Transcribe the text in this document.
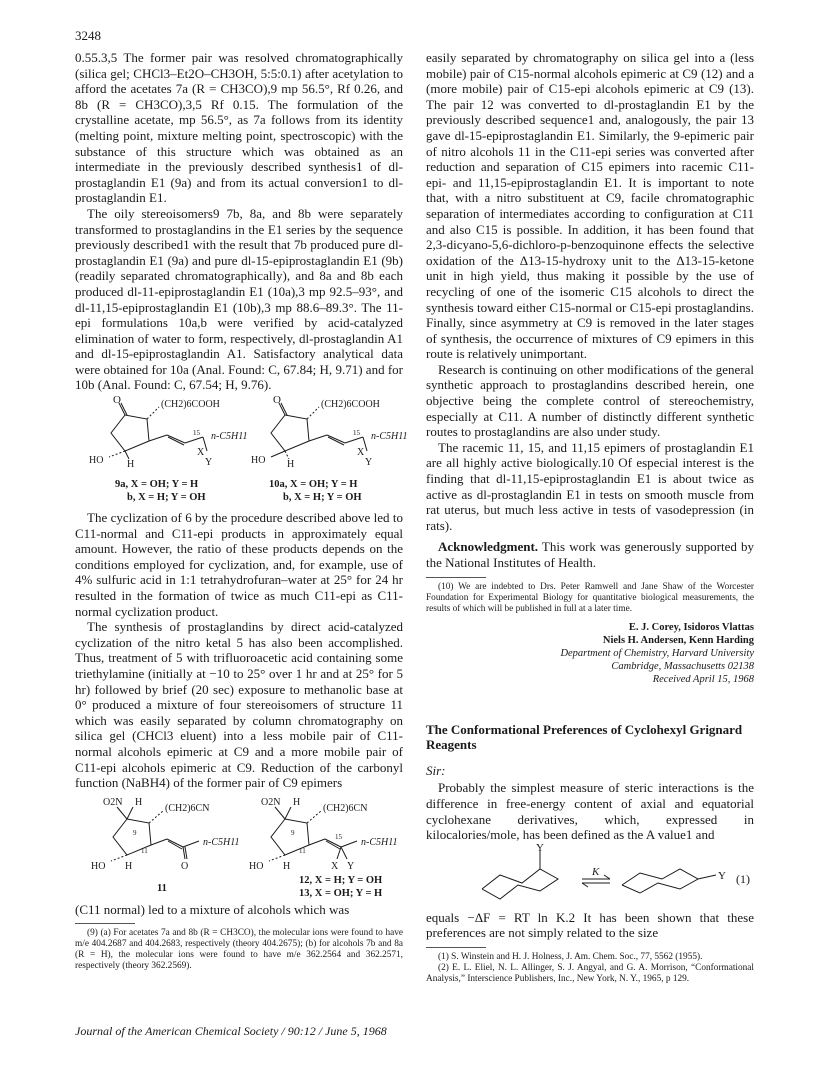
3248

0.55.3,5 The former pair was resolved chromatographically (silica gel; CHCl3–Et2O–CH3OH, 5:5:0.1) after acetylation to afford the acetates 7a (R = CH3CO),9 mp 56.5°, Rf 0.26, and 8b (R = CH3CO),3,5 Rf 0.15. The formulation of the crystalline acetate, mp 56.5°, as 7a follows from its identity (melting point, mixture melting point, spectroscopic) with the substance of this structure which was obtained as an intermediate in the previously described synthesis1 of dl-prostaglandin E1 (9a) and from its actual conversion1 to dl-prostaglandin E1.

The oily stereoisomers9 7b, 8a, and 8b were separately transformed to prostaglandins in the E1 series by the sequence previously described1 with the result that 7b produced pure dl-prostaglandin E1 (9a) and pure dl-15-epiprostaglandin E1 (9b) (readily separated chromatographically), and 8a and 8b each produced dl-11-epiprostaglandin E1 (10a),3 mp 92.5–93°, and dl-11,15-epiprostaglandin E1 (10b),3 mp 88.6–89.3°. The 11-epi formulations 10a,b were verified by acid-catalyzed elimination of water to form, respectively, dl-prostaglandin A1 and dl-15-epiprostaglandin A1. Satisfactory analytical data were obtained for 10a (Anal. Found: C, 67.84; H, 9.71) and for 10b (Anal. Found: C, 67.54; H, 9.76).

O	(CH2)6COOH
15 n-C5H11
HO H
X
Y
O	(CH2)6COOH
15 n-C5H11
HO H
X
Y
9a, X = OH; Y = H
b, X = H; Y = OH
10a, X = OH; Y = H
b, X = H; Y = OH

The cyclization of 6 by the procedure described above led to C11-normal and C11-epi products in approximately equal amount. However, the ratio of these products depends on the conditions employed for cyclization, and, for example, use of 4% sulfuric acid in 1:1 tetrahydrofuran–water at 25° for 24 hr resulted in the formation of twice as much C11-epi as C11-normal cyclization product.

The synthesis of prostaglandins by direct acid-catalyzed cyclization of the nitro ketal 5 has also been accomplished. Thus, treatment of 5 with trifluoroacetic acid containing some triethylamine (initially at −10 to 25° over 1 hr and at 25° for 5 hr) followed by brief (20 sec) exposure to methanolic base at 0° produced a mixture of four stereoisomers of structure 11 which was easily separated by column chromatography on silica gel (CHCl3 eluent) into a less mobile pair of C11-normal alcohols epimeric at C9 and a more mobile pair of C11-epi alcohols epimeric at C9. Reduction of the carbonyl function (NaBH4) of the former pair of C9 epimers

O2N H
(CH2)6CN
9
11
n-C5H11
HO H	O
11
O2N H
(CH2)6CN
9
11
15 n-C5H11
HO H	X Y
12, X = H; Y = OH
13, X = OH; Y = H

(C11 normal) led to a mixture of alcohols which was

(9) (a) For acetates 7a and 8b (R = CH3CO), the molecular ions were found to have m/e 404.2687 and 404.2683, respectively (theory 404.2675); (b) for alcohols 7b and 8a (R = H), the molecular ions were found to have m/e 362.2564 and 362.2571, respectively (theory 362.2569).

easily separated by chromatography on silica gel into a (less mobile) pair of C15-normal alcohols epimeric at C9 (12) and a (more mobile) pair of C15-epi alcohols epimeric at C9 (13). The pair 12 was converted to dl-prostaglandin E1 by the previously described sequence1 and, analogously, the pair 13 gave dl-15-epiprostaglandin E1. Similarly, the 9-epimeric pair of nitro alcohols 11 in the C11-epi series was converted after reduction and separation of C15 epimers into racemic C11-epi- and 11,15-epiprostaglandin E1. It is important to note that, with a nitro substituent at C9, facile chromatographic separation of intermediates according to configuration at C11 and also C15 is possible. In addition, it has been found that 2,3-dicyano-5,6-dichloro-p-benzoquinone effects the selective oxidation of the Δ13-15-hydroxy unit to the Δ13-15-ketone unit in high yield, thus making it possible by the use of recycling of one of the isomeric C15 alcohols to direct the synthesis toward either C15-normal or C15-epi prostaglandins. Finally, since asymmetry at C9 is removed in the later stages of synthesis, the occurrence of mixtures of C9 epimers in this route is relatively unimportant.

Research is continuing on other modifications of the general synthetic approach to prostaglandins described herein, one objective being the complete control of stereochemistry, especially at C11. A number of distinctly different synthetic routes to prostaglandins are also under study.

The racemic 11, 15, and 11,15 epimers of prostaglandin E1 are all highly active biologically.10 Of especial interest is the finding that dl-11,15-epiprostaglandin E1 is about twice as active as dl-prostaglandin E1 in tests on smooth muscle from rat uterus, but much less active in tests of vasodepression (in rats).

Acknowledgment. This work was generously supported by the National Institutes of Health.

(10) We are indebted to Drs. Peter Ramwell and Jane Shaw of the Worcester Foundation for Experimental Biology for quantitative biological measurements, the results of which will be published in full at a later time.

E. J. Corey, Isidoros Vlattas
Niels H. Andersen, Kenn Harding
Department of Chemistry, Harvard University
Cambridge, Massachusetts 02138
Received April 15, 1968
The Conformational Preferences of Cyclohexyl Grignard Reagents
Sir:

Probably the simplest measure of steric interactions is the difference in free-energy content of axial and equatorial cyclohexane derivatives, which, expressed in kilocalories/mole, has been defined as the A value1 and

Y
K	Y (1)

equals −ΔF = RT ln K.2 It has been shown that these preferences are not simply related to the size

(1) S. Winstein and H. J. Holness, J. Am. Chem. Soc., 77, 5562 (1955).

(2) E. L. Eliel, N. L. Allinger, S. J. Angyal, and G. A. Morrison, “Conformational Analysis,” Interscience Publishers, Inc., New York, N. Y., 1965, p 129.

Journal of the American Chemical Society / 90:12 / June 5, 1968
